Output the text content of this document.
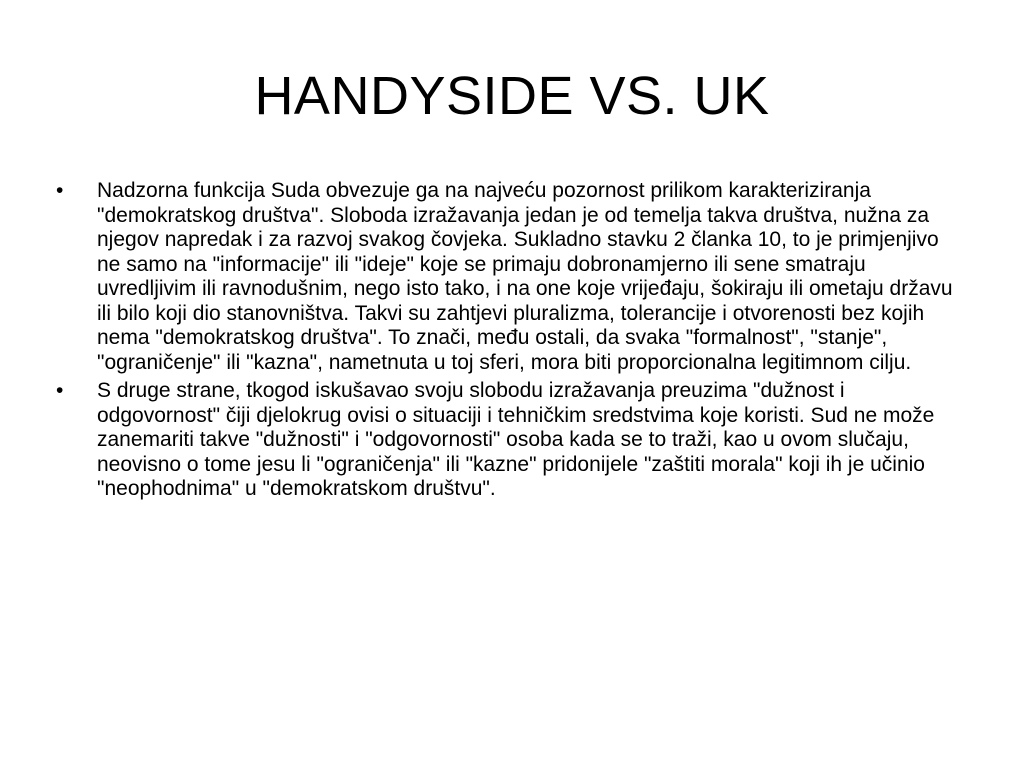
HANDYSIDE VS. UK
•	Nadzorna funkcija Suda obvezuje ga na najveću pozornost prilikom karakteriziranja "demokratskog društva". Sloboda izražavanja jedan je od temelja takva društva, nužna za njegov napredak i za razvoj svakog čovjeka. Sukladno stavku 2 članka 10, to je primjenjivo ne samo na "informacije" ili "ideje" koje se primaju dobronamjerno ili sene smatraju uvredljivim ili ravnodušnim, nego isto tako, i na one koje vrijeđaju, šokiraju ili ometaju državu ili bilo koji dio stanovništva. Takvi su zahtjevi pluralizma, tolerancije i otvorenosti bez kojih nema "demokratskog društva". To znači, među ostali, da svaka "formalnost", "stanje", "ograničenje" ili "kazna", nametnuta u toj sferi, mora biti proporcionalna legitimnom cilju.
•	S druge strane, tkogod iskušavao svoju slobodu izražavanja preuzima "dužnost i odgovornost" čiji djelokrug ovisi o situaciji i tehničkim sredstvima koje koristi. Sud ne može zanemariti takve "dužnosti" i "odgovornosti" osoba kada se to traži, kao u ovom slučaju, neovisno o tome jesu li "ograničenja" ili "kazne" pridonijele "zaštiti morala" koji ih je učinio "neophodnima" u "demokratskom društvu".
